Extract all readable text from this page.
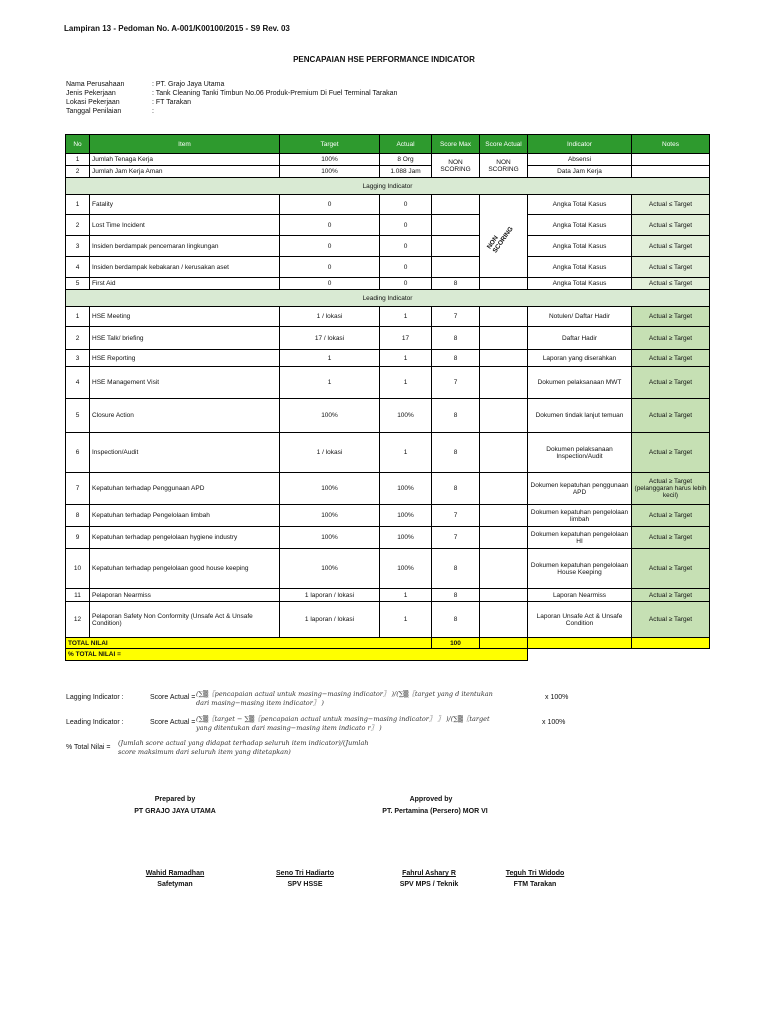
Lampiran 13 - Pedoman No. A-001/K00100/2015 - S9 Rev. 03
PENCAPAIAN HSE PERFORMANCE INDICATOR
Nama Perusahaan	: PT. Grajo Jaya Utama
Jenis Pekerjaan	: Tank Cleaning Tanki Timbun No.06 Produk-Premium Di Fuel Terminal Tarakan
Lokasi Pekerjaan	: FT Tarakan
Tanggal Penilaian	:
No	Item	Target	Actual	Score Max	Score Actual	Indicator	Notes
1	Jumlah Tenaga Kerja	100%	8 Org	NON SCORING	NON SCORING	Absensi	
2	Jumlah Jam Kerja Aman	100%	1.088 Jam			Data Jam Kerja	
Lagging Indicator							
1	Fatality	0	0		NON SCORING	Angka Total Kasus	Actual ≤ Target
2	Lost Time Incident	0	0			Angka Total Kasus	Actual ≤ Target
3	Insiden berdampak pencemaran lingkungan	0	0			Angka Total Kasus	Actual ≤ Target
4	Insiden berdampak kebakaran / kerusakan aset	0	0			Angka Total Kasus	Actual ≤ Target
5	First Aid	0	0	8		Angka Total Kasus	Actual ≤ Target
Leading Indicator							
1	HSE Meeting	1 / lokasi	1	7		Notulen/ Daftar Hadir	Actual ≥ Target
2	HSE Talk/ briefing	17 / lokasi	17	8		Daftar Hadir	Actual ≥ Target
3	HSE Reporting	1	1	8		Laporan yang diserahkan	Actual ≥ Target
4	HSE Management Visit	1	1	7		Dokumen pelaksanaan MWT	Actual ≥ Target
5	Closure Action	100%	100%	8		Dokumen tindak lanjut temuan	Actual ≥ Target
6	Inspection/Audit	1 / lokasi	1	8		Dokumen pelaksanaan Inspection/Audit	Actual ≥ Target
7	Kepatuhan terhadap Penggunaan APD	100%	100%	8		Dokumen kepatuhan penggunaan APD	Actual ≥ Target (pelanggaran harus lebih kecil)
8	Kepatuhan terhadap Pengelolaan limbah	100%	100%	7		Dokumen kepatuhan pengelolaan limbah	Actual ≥ Target
9	Kepatuhan terhadap pengelolaan hygiene industry	100%	100%	7		Dokumen kepatuhan pengelolaan HI	Actual ≥ Target
10	Kepatuhan terhadap pengelolaan good house keeping	100%	100%	8		Dokumen kepatuhan pengelolaan House Keeping	Actual ≥ Target
11	Pelaporan Nearmiss	1 laporan / lokasi	1	8		Laporan Nearmiss	Actual ≥ Target
12	Pelaporan Safety Non Conformity (Unsafe Act & Unsafe Condition)	1 laporan / lokasi	1	8		Laporan Unsafe Act & Unsafe Condition	Actual ≥ Target
TOTAL NILAI				100			
% TOTAL NILAI =							
Lagging Indicator :	Score Actual = (∑▒〖pencapaian actual untuk masing−masing indicator〗 )/(∑▒〖target yang d itentukan dari masing−masing item indicator〗 )
x 100%
Leading Indicator :	Score Actual = (∑▒〖target − ∑▒〖pencapaian actual untuk masing−masing indicator〗 〗 )/(∑▒〖target yang ditentukan dari masing−masing item indicato r〗 )
x 100%
% Total Nilai =
(Jumlah score actual yang didapat terhadap seluruh item indicator)/(Jumlah score maksimum dari seluruh item yang ditetapkan)
Prepared by
PT GRAJO JAYA UTAMA
Approved by
PT. Pertamina (Persero) MOR VI
Wahid Ramadhan
Safetyman
Seno Tri Hadiarto
SPV HSSE
Fahrul Ashary R
SPV MPS / Teknik
Teguh Tri Widodo
FTM Tarakan
